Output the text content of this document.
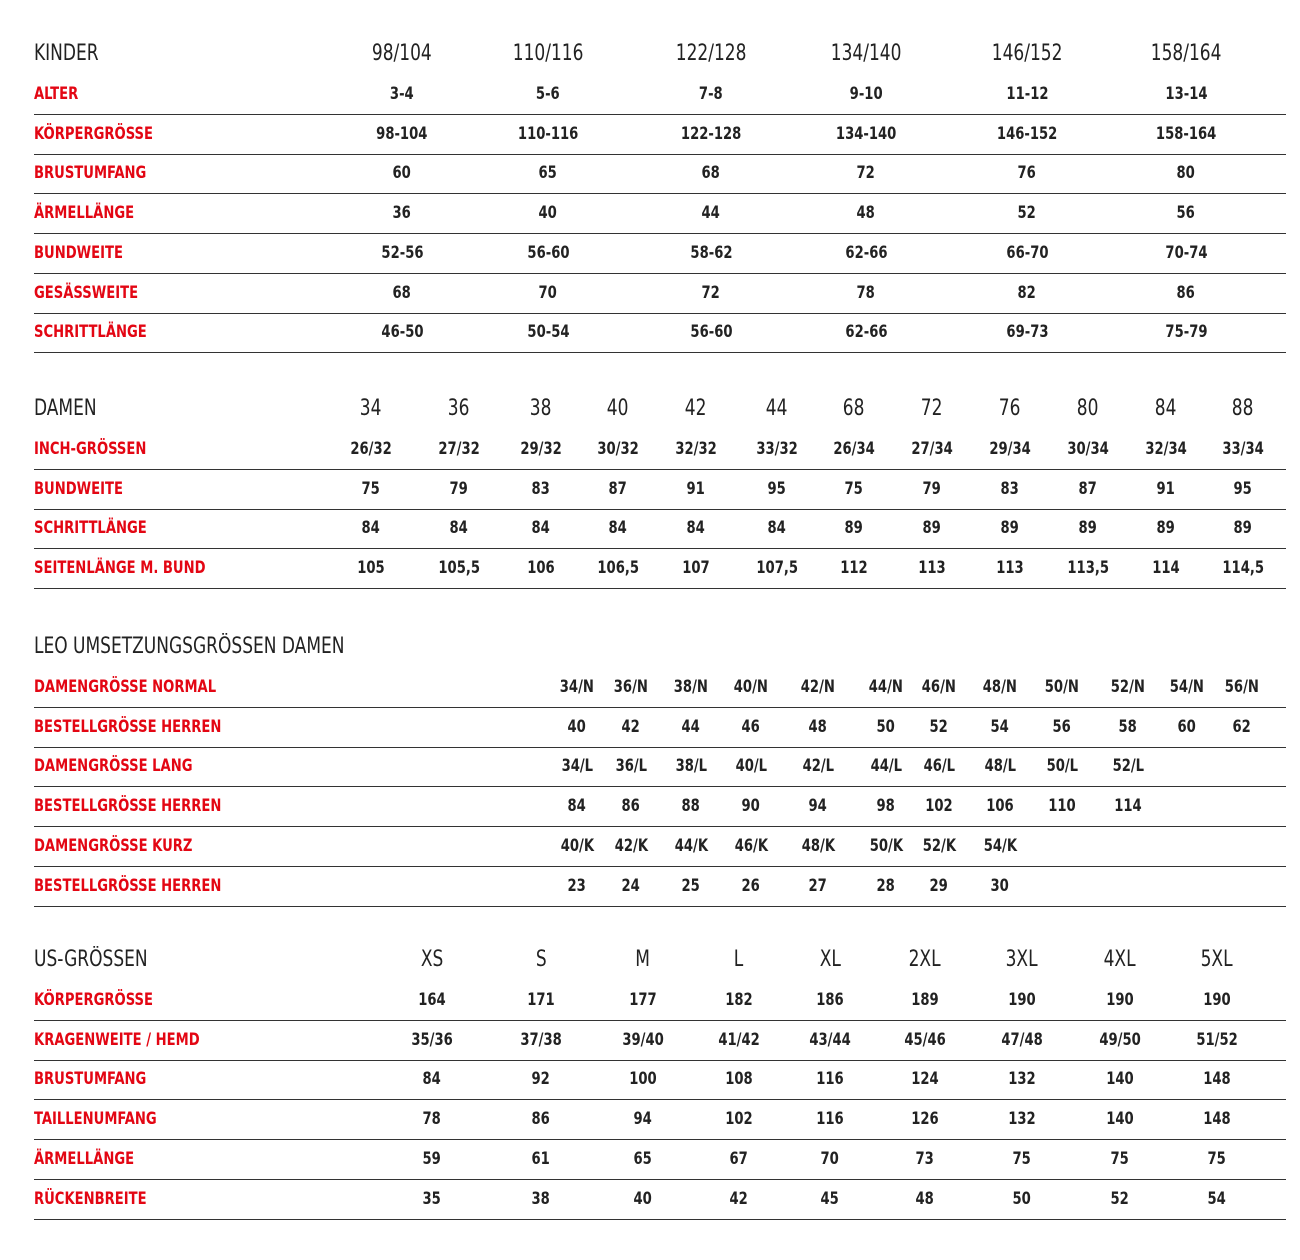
KINDER	98/104	110/116	122/128	134/140	146/152	158/164
ALTER	3-4	5-6	7-8	9-10	11-12	13-14
KÖRPERGRÖSSE	98-104	110-116	122-128	134-140	146-152	158-164
BRUSTUMFANG	60	65	68	72	76	80
ÄRMELLÄNGE	36	40	44	48	52	56
BUNDWEITE	52-56	56-60	58-62	62-66	66-70	70-74
GESÄSSWEITE	68	70	72	78	82	86
SCHRITTLÄNGE	46-50	50-54	56-60	62-66	69-73	75-79
DAMEN	34	36	38	40	42	44	68	72	76	80	84	88
INCH-GRÖSSEN	26/32	27/32 29/32 30/32 32/32 33/32 26/34 27/34 29/34 30/34 32/34 33/34
BUNDWEITE	75	79	83	87	91	95	75	79	83	87	91	95
SCHRITTLÄNGE	84	84	84	84	84	84	89	89	89	89	89	89
SEITENLÄNGE M. BUND	105	105,5	106 106,5	107	107,5 112	113	113	113,5	114 114,5
LEO UMSETZUNGSGRÖSSEN DAMEN
DAMENGRÖSSE NORMAL	34/N 36/N 38/N 40/N 42/N 44/N 46/N 48/N 50/N 52/N 54/N 56/N
BESTELLGRÖSSE HERREN	40 42 44 46	48	50 52	54	56	58 60 62
DAMENGRÖSSE LANG	34/L 36/L 38/L 40/L 42/L 44/L 46/L 48/L 50/L 52/L
BESTELLGRÖSSE HERREN	84 86 88 90	94	98 102 106 110 114
DAMENGRÖSSE KURZ	40/K 42/K 44/K 46/K 48/K 50/K 52/K 54/K
BESTELLGRÖSSE HERREN	23 24 25 26	27	28 29	30
US-GRÖSSEN	XS	S	M	L	XL	2XL	3XL	4XL	5XL
KÖRPERGRÖSSE	164	171	177	182	186	189	190	190	190
KRAGENWEITE / HEMD	35/36	37/38	39/40	41/42	43/44	45/46	47/48	49/50	51/52
BRUSTUMFANG	84	92	100	108	116	124	132	140	148
TAILLENUMFANG	78	86	94	102	116	126	132	140	148
ÄRMELLÄNGE	59	61	65	67	70	73	75	75	75
RÜCKENBREITE	35	38	40	42	45	48	50	52	54
